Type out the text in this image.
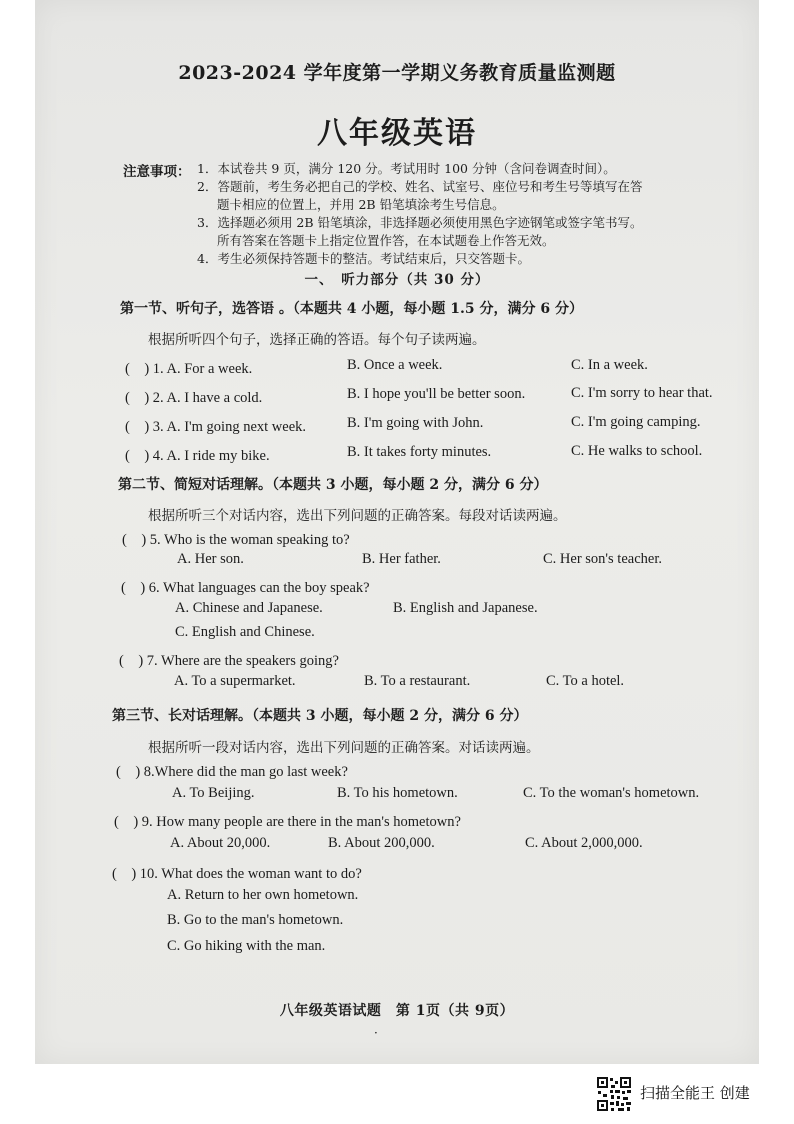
2023-2024 学年度第一学期义务教育质量监测题
八年级英语
注意事项： 1．本试卷共 9 页，满分 120 分。考试用时 100 分钟（含问卷调查时间）。
2．答题前，考生务必把自己的学校、姓名、试室号、座位号和考生号等填写在答
题卡相应的位置上，并用 2B 铅笔填涂考生号信息。
3．选择题必须用 2B 铅笔填涂，非选择题必须使用黑色字迹钢笔或签字笔书写。
所有答案在答题卡上指定位置作答，在本试题卷上作答无效。
4．考生必须保持答题卡的整洁。考试结束后，只交答题卡。
一、　听力部分（共 30 分）
第一节、听句子，选答语 。（本题共 4 小题，每小题 1.5 分，满分 6 分）
根据所听四个句子，选择正确的答语。每个句子读两遍。
(　) 1. A. For a week.	B. Once a week.	C. In a week.
(　) 2. A. I have a cold.	B. I hope you'll be better soon.	C. I'm sorry to hear that.
(　) 3. A. I'm going next week.	B. I'm going with John.	C. I'm going camping.
(　) 4. A. I ride my bike.	B. It takes forty minutes.	C. He walks to school.
第二节、简短对话理解。（本题共 3 小题，每小题 2 分，满分 6 分）
根据所听三个对话内容，选出下列问题的正确答案。每段对话读两遍。
(　) 5. Who is the woman speaking to?
A. Her son.	B. Her father.	C. Her son's teacher.
(　) 6. What languages can the boy speak?
A. Chinese and Japanese.	B. English and Japanese.
C. English and Chinese.
(　) 7. Where are the speakers going?
A. To a supermarket.	B. To a restaurant.	C. To a hotel.
第三节、长对话理解。（本题共 3 小题，每小题 2 分，满分 6 分）
根据所听一段对话内容，选出下列问题的正确答案。对话读两遍。
(　) 8.Where did the man go last week?
A. To Beijing.	B. To his hometown.	C. To the woman's hometown.
(　) 9. How many people are there in the man's hometown?
A. About 20,000.	B. About 200,000.	C. About 2,000,000.
(　) 10. What does the woman want to do?
A. Return to her own hometown.
B. Go to the man's hometown.
C. Go hiking with the man.
八年级英语试题　第 1页（共 9页）
·
扫描全能王 创建
